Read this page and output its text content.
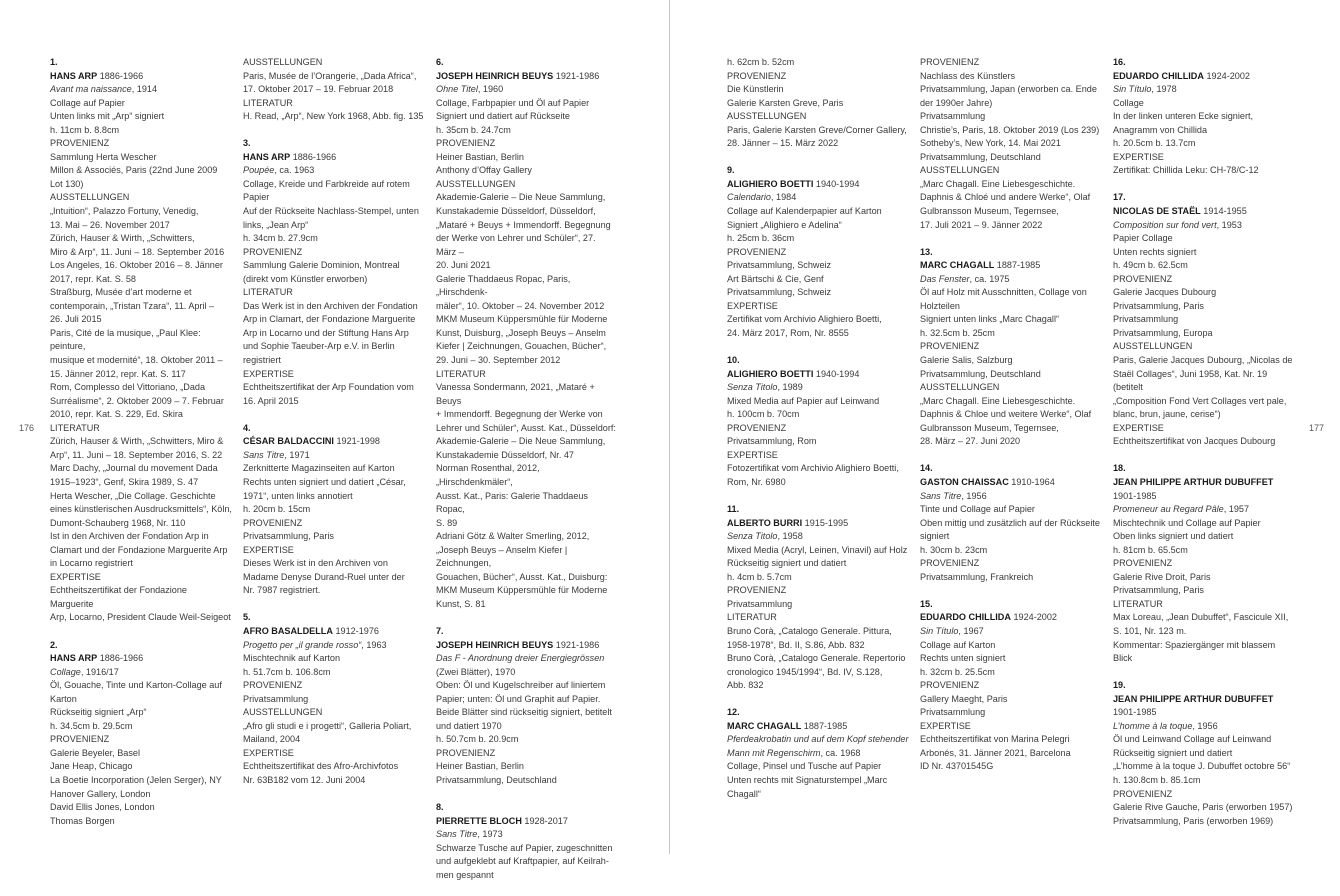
176	177
1.
HANS ARP 1886-1966
Avant ma naissance, 1914
Collage auf Papier
Unten links mit „Arp“ signiert
h. 11cm b. 8.8cm
PROVENIENZ
Sammlung Herta Wescher
Millon & Associés, Paris (22nd June 2009
Lot 130)
AUSSTELLUNGEN
„Intuition“, Palazzo Fortuny, Venedig,
13. Mai – 26. November 2017
Zürich, Hauser & Wirth, „Schwitters,
Miro & Arp“, 11. Juni – 18. September 2016
Los Angeles, 16. Oktober 2016 – 8. Jänner
2017, repr. Kat. S. 58
Straßburg, Musée d’art moderne et
contemporain, „Tristan Tzara“, 11. April –
26. Juli 2015
Paris, Cité de la musique, „Paul Klee: peinture,
musique et modernité“, 18. Oktober 2011 –
15. Jänner 2012, repr. Kat. S. 117
Rom, Complesso del Vittoriano, „Dada
Surréalisme“, 2. Oktober 2009 – 7. Februar
2010, repr. Kat. S. 229, Ed. Skira
LITERATUR
Zürich, Hauser & Wirth, „Schwitters, Miro &
Arp“, 11. Juni – 18. September 2016, S. 22
Marc Dachy, „Journal du movement Dada
1915–1923“, Genf, Skira 1989, S. 47
Herta Wescher, „Die Collage. Geschichte
eines künstlerischen Ausdrucksmittels“, Köln,
Dumont-Schauberg 1968, Nr. 110
Ist in den Archiven der Fondation Arp in
Clamart und der Fondazione Marguerite Arp
in Locarno registriert
EXPERTISE
Echtheitszertifikat der Fondazione Marguerite
Arp, Locarno, President Claude Weil-Seigeot
2.
HANS ARP 1886-1966
Collage, 1916/17
Öl, Gouache, Tinte und Karton-Collage auf
Karton
Rückseitig signiert „Arp“
h. 34.5cm b. 29.5cm
PROVENIENZ
Galerie Beyeler, Basel
Jane Heap, Chicago
La Boetie Incorporation (Jelen Serger), NY
Hanover Gallery, London
David Ellis Jones, London
Thomas Borgen
AUSSTELLUNGEN
Paris, Musée de l’Orangerie, „Dada Africa“,
17. Oktober 2017 – 19. Februar 2018
LITERATUR
H. Read, „Arp“, New York 1968, Abb. fig. 135
3.
HANS ARP 1886-1966
Poupée, ca. 1963
Collage, Kreide und Farbkreide auf rotem
Papier
Auf der Rückseite Nachlass-Stempel, unten
links, „Jean Arp“
h. 34cm b. 27.9cm
PROVENIENZ
Sammlung Galerie Dominion, Montreal
(direkt vom Künstler erworben)
LITERATUR
Das Werk ist in den Archiven der Fondation
Arp in Clamart, der Fondazione Marguerite
Arp in Locarno und der Stiftung Hans Arp
und Sophie Taeuber-Arp e.V. in Berlin
registriert
EXPERTISE
Echtheitszertifikat der Arp Foundation vom
16. April 2015
4.
CÉSAR BALDACCINI 1921-1998
Sans Titre, 1971
Zerknitterte Magazinseiten auf Karton
Rechts unten signiert und datiert „César,
1971“, unten links annotiert
h. 20cm b. 15cm
PROVENIENZ
Privatsammlung, Paris
EXPERTISE
Dieses Werk ist in den Archiven von
Madame Denyse Durand-Ruel unter der
Nr. 7987 registriert.
5.
AFRO BASALDELLA 1912-1976
Progetto per „il grande rosso“, 1963
Mischtechnik auf Karton
h. 51.7cm b. 106.8cm
PROVENIENZ
Privatsammlung
AUSSTELLUNGEN
„Afro gli studi e i progetti“, Galleria Poliart,
Mailand, 2004
EXPERTISE
Echtheitszertifikat des Afro-Archivfotos
Nr. 63B182 vom 12. Juni 2004
6.
JOSEPH HEINRICH BEUYS 1921-1986
Ohne Titel, 1960
Collage, Farbpapier und Öl auf Papier
Signiert und datiert auf Rückseite
h. 35cm b. 24.7cm
PROVENIENZ
Heiner Bastian, Berlin
Anthony d’Offay Gallery
AUSSTELLUNGEN
Akademie-Galerie – Die Neue Sammlung,
Kunstakademie Düsseldorf, Düsseldorf,
„Mataré + Beuys + Immendorff. Begegnung
der Werke von Lehrer und Schüler“, 27. März –
20. Juni 2021
Galerie Thaddaeus Ropac, Paris, „Hirschdenk-
mäler“, 10. Oktober – 24. November 2012
MKM Museum Küppersmühle für Moderne
Kunst, Duisburg, „Joseph Beuys – Anselm
Kiefer | Zeichnungen, Gouachen, Bücher“,
29. Juni – 30. September 2012
LITERATUR
Vanessa Sondermann, 2021, „Mataré + Beuys
+ Immendorff. Begegnung der Werke von
Lehrer und Schüler“, Ausst. Kat., Düsseldorf:
Akademie-Galerie – Die Neue Sammlung,
Kunstakademie Düsseldorf, Nr. 47
Norman Rosenthal, 2012, „Hirschdenkmäler“,
Ausst. Kat., Paris: Galerie Thaddaeus Ropac,
S. 89
Adriani Götz & Walter Smerling, 2012,
„Joseph Beuys – Anselm Kiefer | Zeichnungen,
Gouachen, Bücher“, Ausst. Kat., Duisburg:
MKM Museum Küppersmühle für Moderne
Kunst, S. 81
7.
JOSEPH HEINRICH BEUYS 1921-1986
Das F - Anordnung dreier Energiegrössen
(Zwei Blätter), 1970
Oben: Öl und Kugelschreiber auf liniertem
Papier; unten: Öl und Graphit auf Papier.
Beide Blätter sind rückseitig signiert, betitelt
und datiert 1970
h. 50.7cm b. 20.9cm
PROVENIENZ
Heiner Bastian, Berlin
Privatsammlung, Deutschland
8.
PIERRETTE BLOCH 1928-2017
Sans Titre, 1973
Schwarze Tusche auf Papier, zugeschnitten
und aufgeklebt auf Kraftpapier, auf Keilrah-
men gespannt
h. 62cm b. 52cm
PROVENIENZ
Die Künstlerin
Galerie Karsten Greve, Paris
AUSSTELLUNGEN
Paris, Galerie Karsten Greve/Corner Gallery,
28. Jänner – 15. März 2022
9.
ALIGHIERO BOETTI 1940-1994
Calendario, 1984
Collage auf Kalenderpapier auf Karton
Signiert „Alighiero e Adelina“
h. 25cm b. 36cm
PROVENIENZ
Privatsammlung, Schweiz
Art Bärtschi & Cie, Genf
Privatsammlung, Schweiz
EXPERTISE
Zertifikat vom Archivio Alighiero Boetti,
24. März 2017, Rom, Nr. 8555
10.
ALIGHIERO BOETTI 1940-1994
Senza Titolo, 1989
Mixed Media auf Papier auf Leinwand
h. 100cm b. 70cm
PROVENIENZ
Privatsammlung, Rom
EXPERTISE
Fotozertifikat vom Archivio Alighiero Boetti,
Rom, Nr. 6980
11.
ALBERTO BURRI 1915-1995
Senza Titolo, 1958
Mixed Media (Acryl, Leinen, Vinavil) auf Holz
Rückseitig signiert und datiert
h. 4cm b. 5.7cm
PROVENIENZ
Privatsammlung
LITERATUR
Bruno Corà, „Catalogo Generale. Pittura,
1958-1978“, Bd. II, S.86, Abb. 832
Bruno Corà, „Catalogo Generale. Repertorio
cronologico 1945/1994“, Bd. IV, S.128,
Abb. 832
12.
MARC CHAGALL 1887-1985
Pferdeakrobatin und auf dem Kopf stehender Mann mit Regenschirm, ca. 1968
Collage, Pinsel und Tusche auf Papier
Unten rechts mit Signaturstempel „Marc
Chagall“
PROVENIENZ
Nachlass des Künstlers
Privatsammlung, Japan (erworben ca. Ende
der 1990er Jahre)
Privatsammlung
Christie’s, Paris, 18. Oktober 2019 (Los 239)
Sotheby’s, New York, 14. Mai 2021
Privatsammlung, Deutschland
AUSSTELLUNGEN
„Marc Chagall. Eine Liebesgeschichte.
Daphnis & Chloé und andere Werke“, Olaf
Gulbransson Museum, Tegernsee,
17. Juli 2021 – 9. Jänner 2022
13.
MARC CHAGALL 1887-1985
Das Fenster, ca. 1975
Öl auf Holz mit Ausschnitten, Collage von
Holzteilen
Signiert unten links „Marc Chagall“
h. 32.5cm b. 25cm
PROVENIENZ
Galerie Salis, Salzburg
Privatsammlung, Deutschland
AUSSTELLUNGEN
„Marc Chagall. Eine Liebesgeschichte.
Daphnis & Chloe und weitere Werke“, Olaf
Gulbransson Museum, Tegernsee,
28. März – 27. Juni 2020
14.
GASTON CHAISSAC 1910-1964
Sans Titre, 1956
Tinte und Collage auf Papier
Oben mittig und zusätzlich auf der Rückseite
signiert
h. 30cm b. 23cm
PROVENIENZ
Privatsammlung, Frankreich
15.
EDUARDO CHILLIDA 1924-2002
Sin Título, 1967
Collage auf Karton
Rechts unten signiert
h. 32cm b. 25.5cm
PROVENIENZ
Gallery Maeght, Paris
Privatsammlung
EXPERTISE
Echtheitszertifikat von Marina Pelegri
Arbonés, 31. Jänner 2021, Barcelona
ID Nr. 43701545G
16.
EDUARDO CHILLIDA 1924-2002
Sin Título, 1978
Collage
In der linken unteren Ecke signiert,
Anagramm von Chillida
h. 20.5cm b. 13.7cm
EXPERTISE
Zertifikat: Chillida Leku: CH-78/C-12
17.
NICOLAS DE STAËL 1914-1955
Composition sur fond vert, 1953
Papier Collage
Unten rechts signiert
h. 49cm b. 62.5cm
PROVENIENZ
Galerie Jacques Dubourg
Privatsammlung, Paris
Privatsammlung
Privatsammlung, Europa
AUSSTELLUNGEN
Paris, Galerie Jacques Dubourg, „Nicolas de
Staël Collages“, Juni 1958, Kat. Nr. 19 (betitelt
„Composition Fond Vert Collages vert pale,
blanc, brun, jaune, cerise“)
EXPERTISE
Echtheitszertifikat von Jacques Dubourg
18.
JEAN PHILIPPE ARTHUR DUBUFFET
1901-1985
Promeneur au Regard Pâle, 1957
Mischtechnik und Collage auf Papier
Oben links signiert und datiert
h. 81cm b. 65.5cm
PROVENIENZ
Galerie Rive Droit, Paris
Privatsammlung, Paris
LITERATUR
Max Loreau, „Jean Dubuffet“, Fascicule XII,
S. 101, Nr. 123 m.
Kommentar: Spaziergänger mit blassem Blick
19.
JEAN PHILIPPE ARTHUR DUBUFFET
1901-1985
L’homme à la toque, 1956
Öl und Leinwand Collage auf Leinwand
Rückseitig signiert und datiert
„L’homme à la toque J. Dubuffet octobre 56“
h. 130.8cm b. 85.1cm
PROVENIENZ
Galerie Rive Gauche, Paris (erworben 1957)
Privatsammlung, Paris (erworben 1969)
